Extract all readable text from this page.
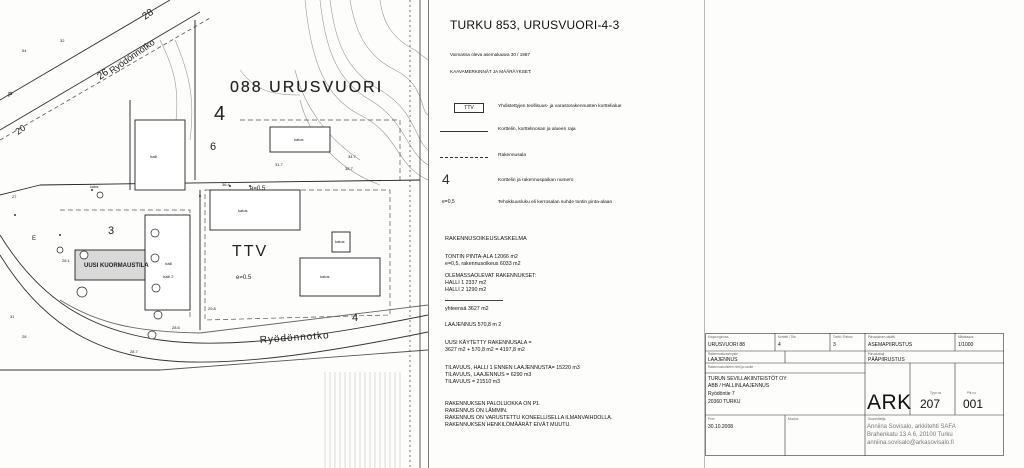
088 URUSVUORI
4
6
3
4
TTV
e=0.5
e=0.5
Ryödönnotko
Ryödönnotko
28
26
20
halli
halli
katos
katos
katos
katos
halli 2
katos
UUSI KUORMAUSTILA
P
E
54
32
27
31
28
36.4
38.7
34.7
31.7
28.7
28.6
29.8
28.1
TURKU 853, URUSVUORI-4-3
Voimassa oleva asemakaava 30 / 1987
KAAVAMERKINNÄT JA MÄÄRÄYKSET:
TTV	Yhdistettyjen teollisuus- ja varastorakennusten korttelialue
Korttelin, korttelinosan ja alueen raja
Rakennusala
4	Korttelin ja rakennuspaikan numero
e=0,5	Tehokkuusluku eli kerrosalan suhde tontin pinta-alaan
RAKENNUSOIKEUSLASKELMA
TONTIN PINTA-ALA 12066 m2
e=0,5, rakennusoikeus 6033 m2
OLEMASSAOLEVAT RAKENNUKSET:
HALLI 1 2337 m2
HALLI 2 1290 m2
yhteensä 3627 m2
LAAJENNUS 570,8 m 2
UUSI KÄYTETTY RAKENNUSALA =
3627 m2 + 570,8 m2 = 4197,8 m2
TILAVUUS, HALLI 1 ENNEN LAAJENNUSTA= 15220 m3
TILAVUUS, LAAJENNUS = 6290 m3
TILAVUUS = 21510 m3
RAKENNUKSEN PALOLUOKKA ON P1.
RAKENNUS ON LÄMMIN.
RAKENNUS ON VARUSTETTU KONEELLISELLA ILMANVAIHDOLLA.
RAKENNUKSEN HENKILÖMÄÄRÄT EIVÄT MUUTU.
Kaupunginosa
URUSVUORI 88
Kortteli / Tila
4
Tontti / Rekno
3
Piirustuksen sisältö
ASEMAPIIRUSTUS
Mittakaava
1/1000
Rakennustoimenpide
LAAJENNUS
Piirustuslaji
PÄÄPIIRUSTUS
Rakennuskohteen nimi ja osoite
TURUN SEVILLAKIINTEISTÖT OY
ABB / HALLINLAAJENNUS
Ryödöntie 7
20360 TURKU	ARK	Tyyn no
207
Piir no
001
Suunnittelija
Anniina Sovisalo, arkkitehti SAFA
Brahenkatu 13 A 6, 20100 Turku
anniina.sovisalo@arkasovisalo.fi
Pvm
30.10.2008
Muutos
